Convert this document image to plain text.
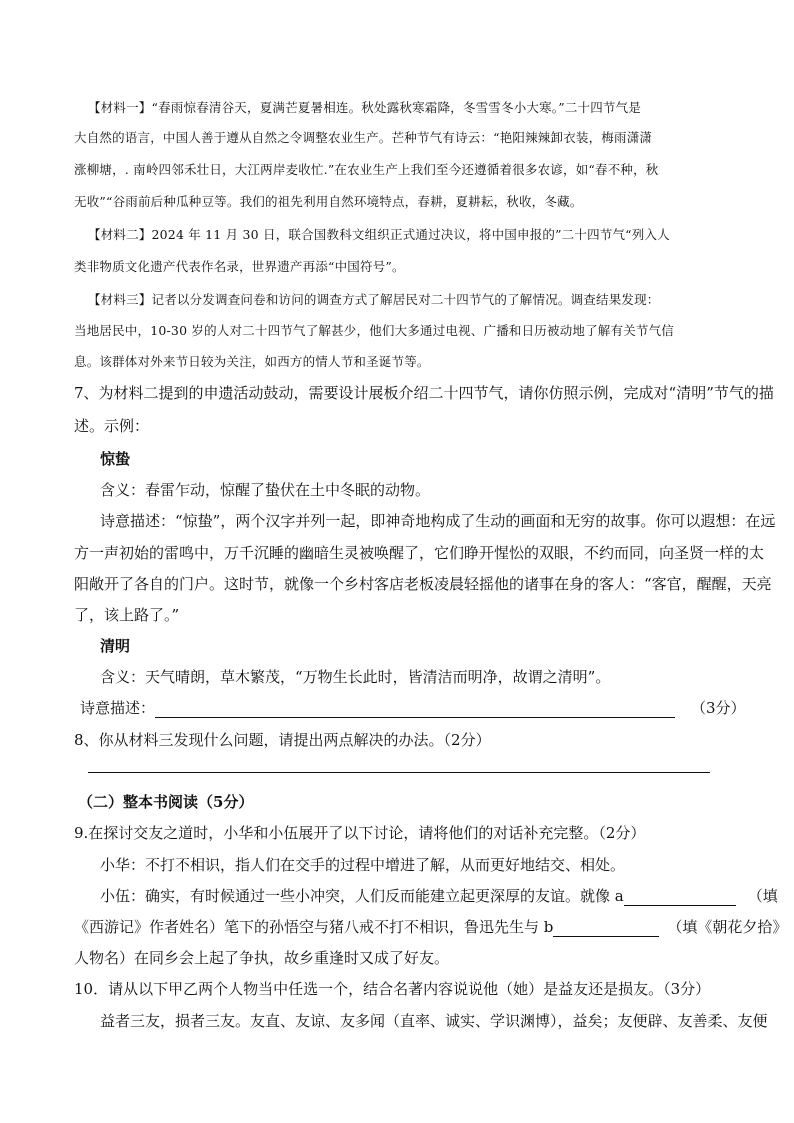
【材料一】“春雨惊春清谷天，夏满芒夏暑相连。秋处露秋寒霜降，冬雪雪冬小大寒。”二十四节气是
大自然的语言，中国人善于遵从自然之令调整农业生产。芒种节气有诗云：“艳阳辣辣卸衣装，梅雨潇潇
涨柳塘，. 南岭四邻禾壮日，大江两岸麦收忙.”在农业生产上我们至今还遵循着很多农谚，如“春不种，秋
无收”“谷雨前后种瓜种豆等。我们的祖先利用自然环境特点，春耕，夏耕耘，秋收，冬藏。
【材料二】2024 年 11 月 30 日，联合国教科文组织正式通过决议，将中国申报的”二十四节气“列入人
类非物质文化遗产代表作名录，世界遗产再添“中国符号”。
【材料三】记者以分发调查问卷和访问的调查方式了解居民对二十四节气的了解情况。调查结果发现：
当地居民中，10-30 岁的人对二十四节气了解甚少，他们大多通过电视、广播和日历被动地了解有关节气信
息。该群体对外来节日较为关注，如西方的情人节和圣诞节等。
7、为材料二提到的申遗活动鼓动，需要设计展板介绍二十四节气，请你仿照示例，完成对“清明”节气的描
述。示例：
惊蛰
含义：春雷乍动，惊醒了蛰伏在土中冬眠的动物。
诗意描述：“惊蛰”，两个汉字并列一起，即神奇地构成了生动的画面和无穷的故事。你可以遐想：在远
方一声初始的雷鸣中，万千沉睡的幽暗生灵被唤醒了，它们睁开惺忪的双眼，不约而同，向圣贤一样的太
阳敞开了各自的门户。这时节，就像一个乡村客店老板凌晨轻摇他的诸事在身的客人：“客官，醒醒，天亮
了，该上路了。”
清明
含义：天气晴朗，草木繁茂，“万物生长此时，皆清洁而明净，故谓之清明”。
诗意描述：	（3分）
8、你从材料三发现什么问题，请提出两点解决的办法。（2分）
（二）整本书阅读（5分）
9.在探讨交友之道时，小华和小伍展开了以下讨论，请将他们的对话补充完整。（2分）
小华：不打不相识，指人们在交手的过程中增进了解，从而更好地结交、相处。
小伍：确实，有时候通过一些小冲突，人们反而能建立起更深厚的友谊。就像 a	（填
《西游记》作者姓名）笔下的孙悟空与猪八戒不打不相识，鲁迅先生与 b	（填《朝花夕拾》
人物名）在同乡会上起了争执，故乡重逢时又成了好友。
10．请从以下甲乙两个人物当中任选一个，结合名著内容说说他（她）是益友还是损友。（3分）
益者三友，损者三友。友直、友谅、友多闻（直率、诚实、学识渊博），益矣；友便辟、友善柔、友便
